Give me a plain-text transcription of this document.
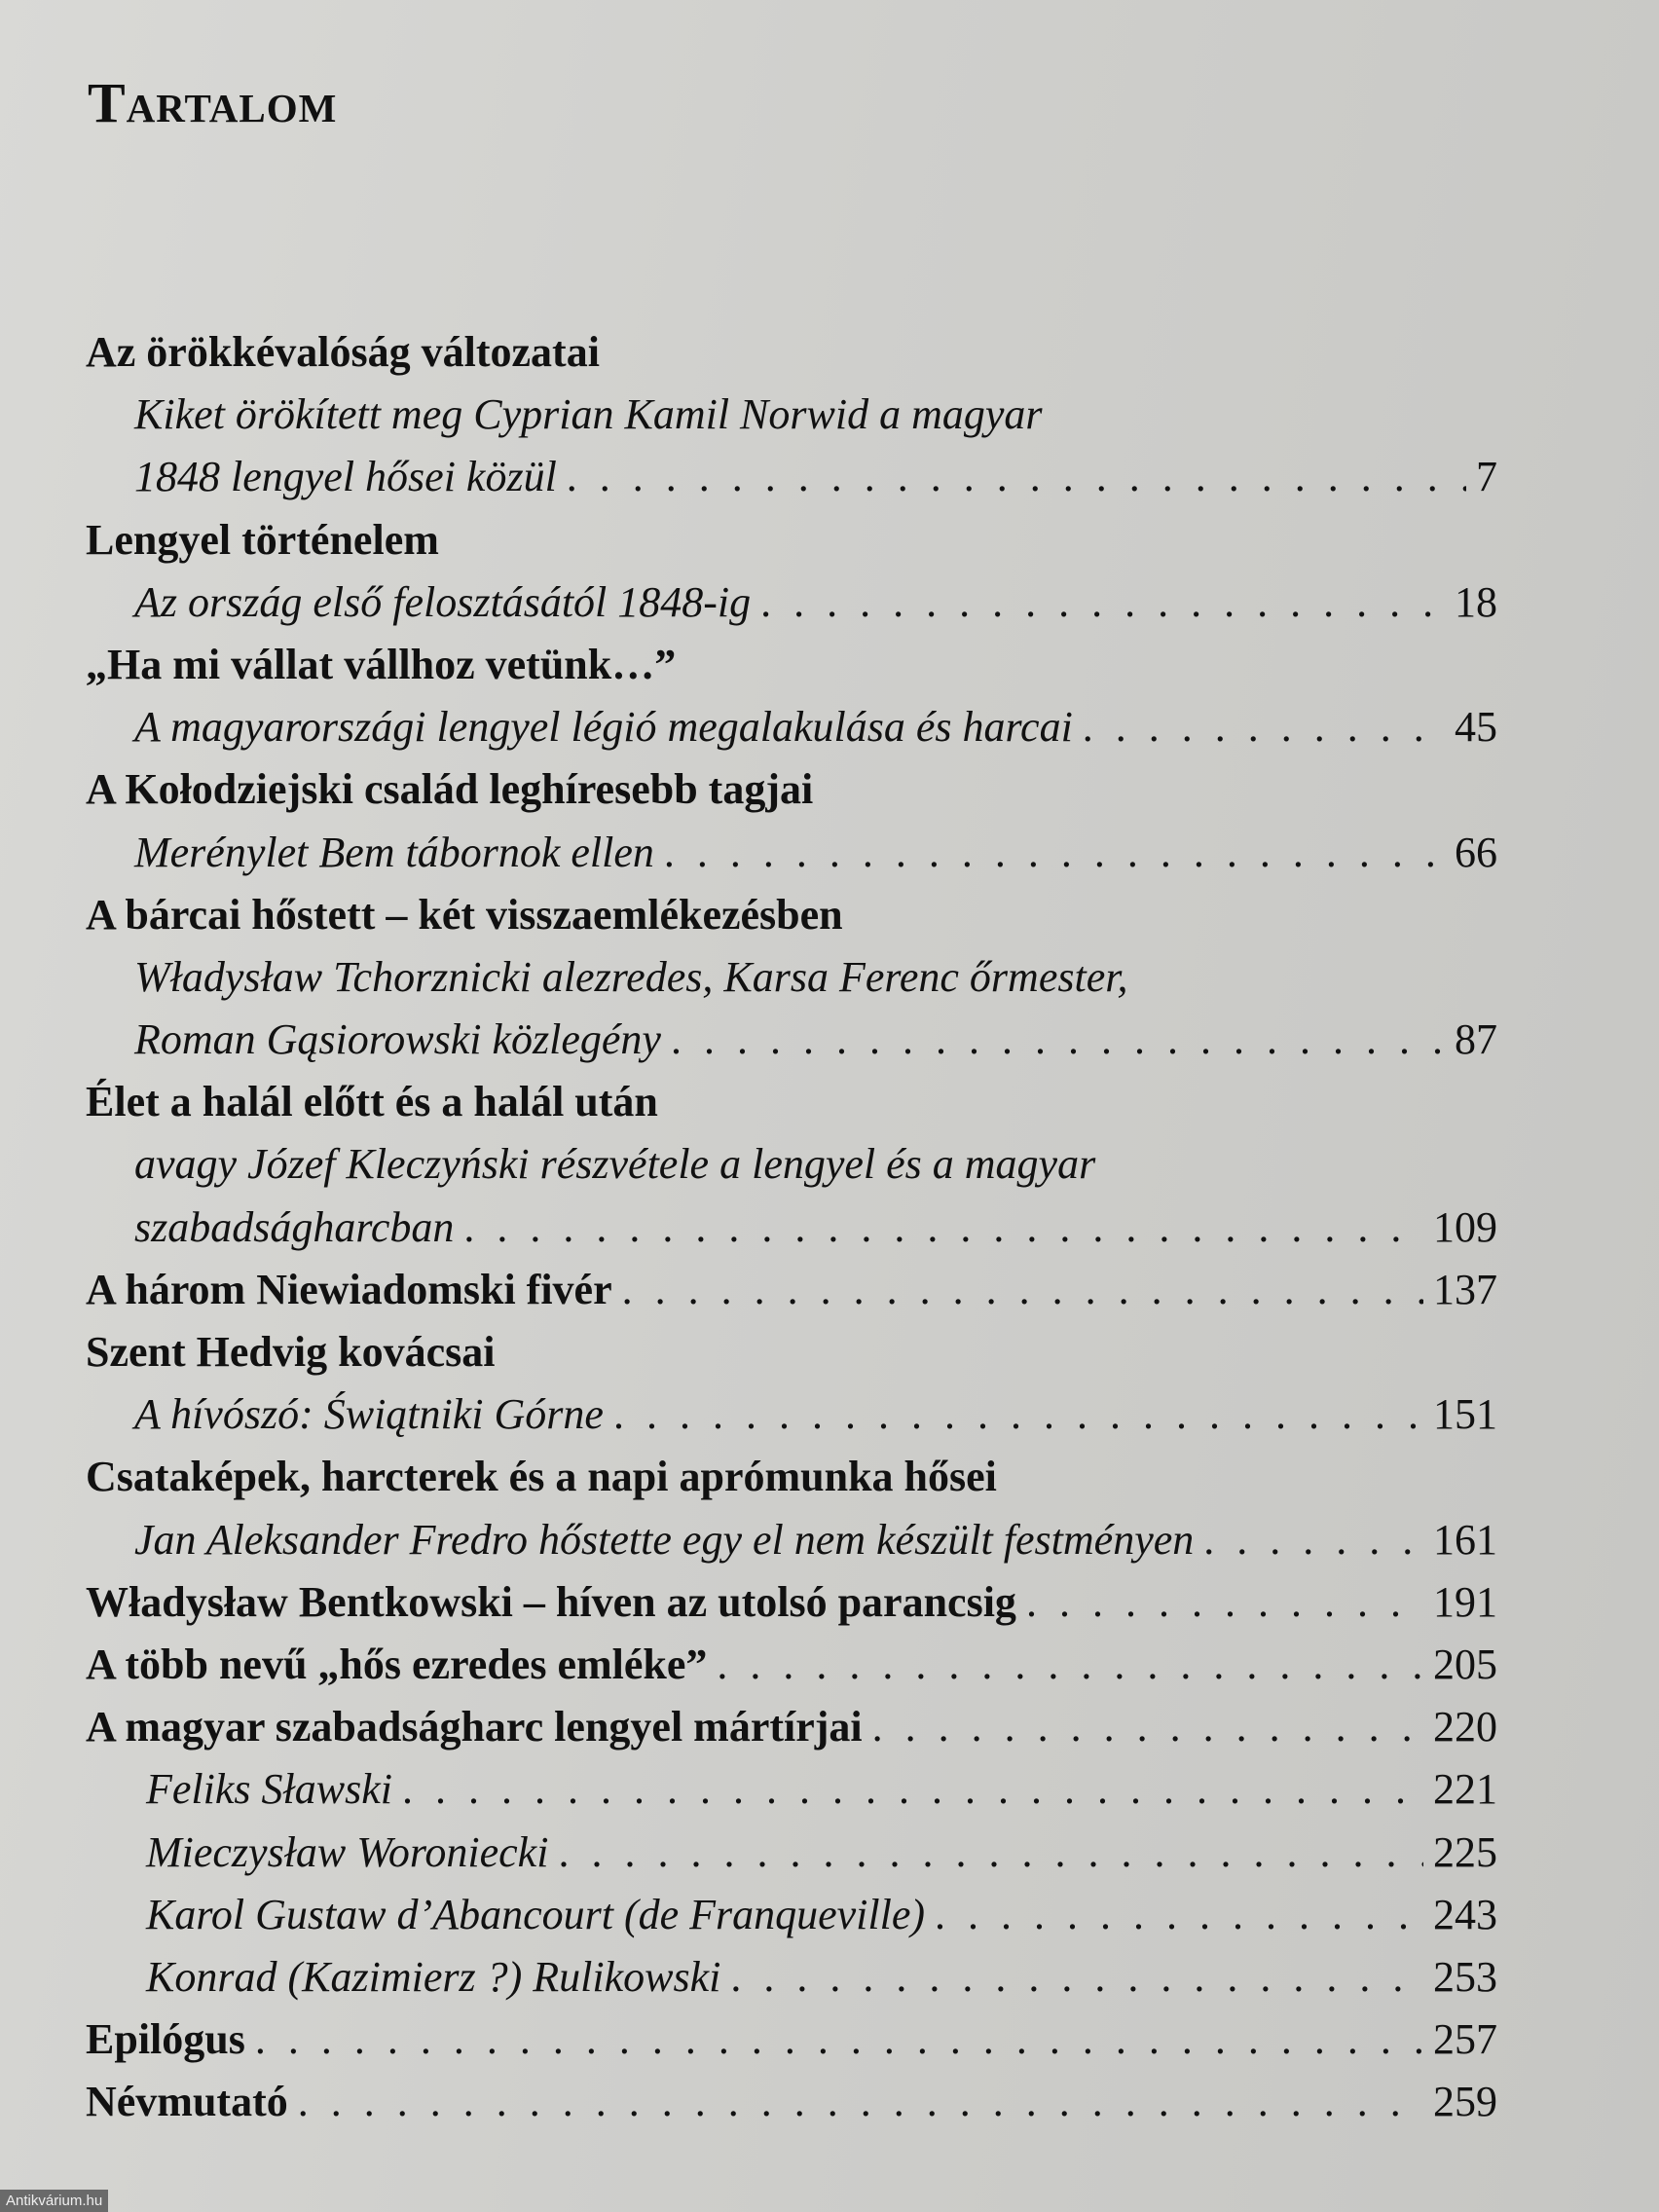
Tartalom
Az örökkévalóság változatai
Kiket örökített meg Cyprian Kamil Norwid a magyar
1848 lengyel hősei közül . . .	7
Lengyel történelem
Az ország első felosztásától 1848-ig . . .	18
„Ha mi vállat vállhoz vetünk…”
A magyarországi lengyel légió megalakulása és harcai . . .	45
A Kołodziejski család leghíresebb tagjai
Merénylet Bem tábornok ellen . . .	66
A bárcai hőstett – két visszaemlékezésben
Władysław Tchorznicki alezredes, Karsa Ferenc őrmester,
Roman Gąsiorowski közlegény . . .	87
Élet a halál előtt és a halál után
avagy Józef Kleczyński részvétele a lengyel és a magyar
szabadságharcban . . .	109
A három Niewiadomski fivér . . .	137
Szent Hedvig kovácsai
A hívószó: Świątniki Górne . . .	151
Csataképek, harcterek és a napi aprómunka hősei
Jan Aleksander Fredro hőstette egy el nem készült festményen . . .	161
Władysław Bentkowski – híven az utolsó parancsig . . .	191
A több nevű „hős ezredes emléke” . . .	205
A magyar szabadságharc lengyel mártírjai . . .	220
Feliks Sławski . . .	221
Mieczysław Woroniecki . . .	225
Karol Gustaw d’Abancourt (de Franqueville) . . .	243
Konrad (Kazimierz ?) Rulikowski . . .	253
Epilógus . . .	257
Névmutató . . .	259
Antikvárium.hu
